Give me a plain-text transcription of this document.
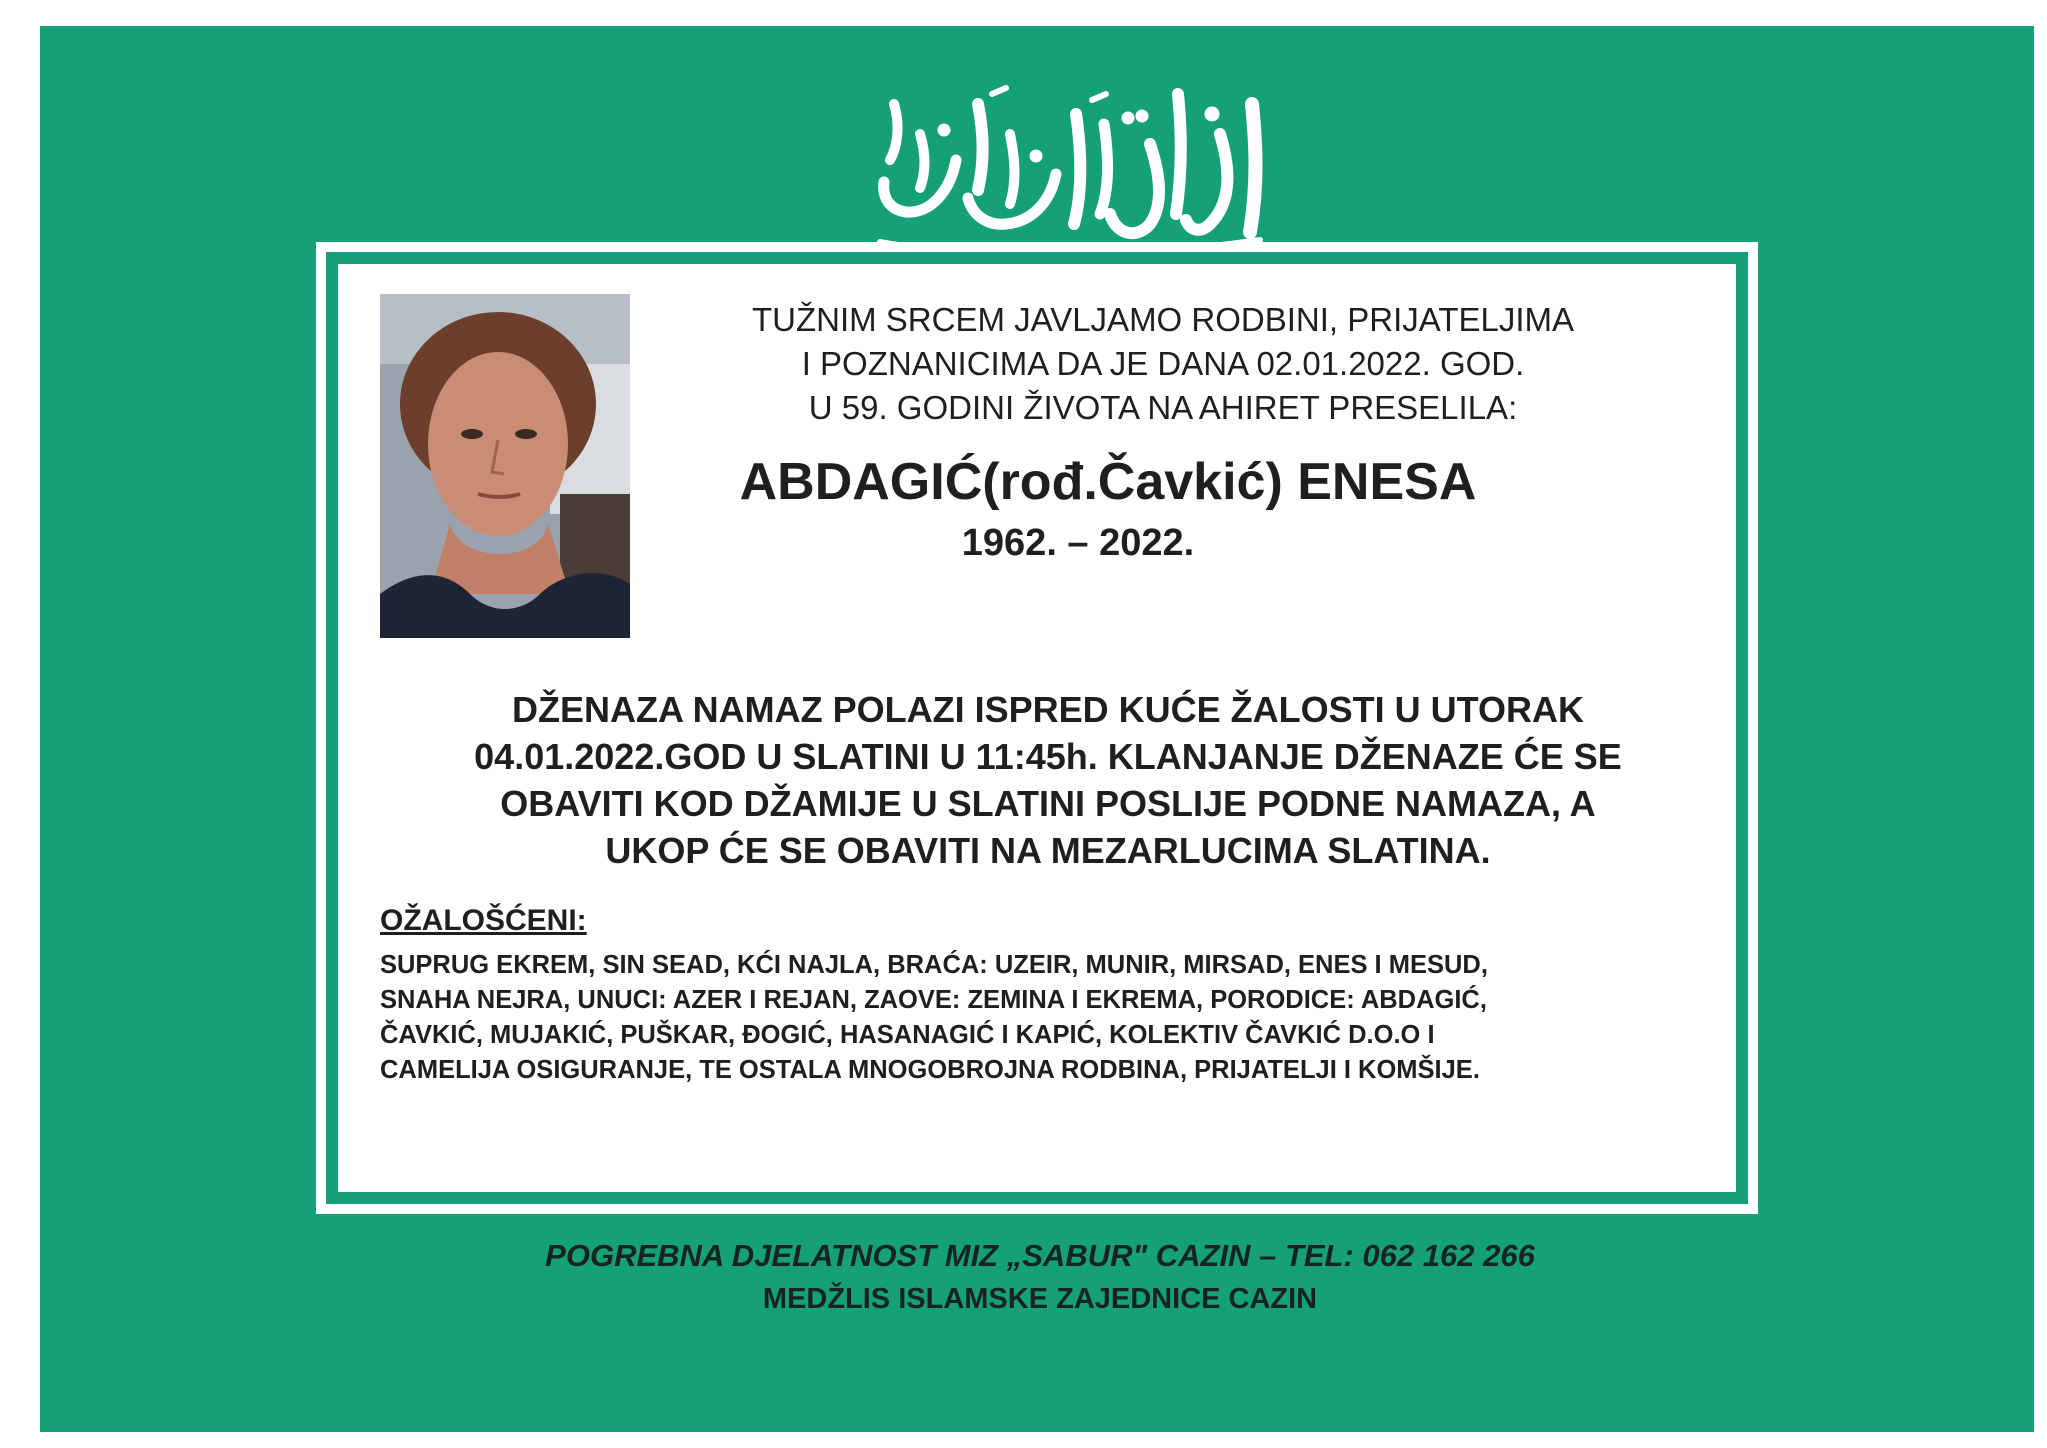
TUŽNIM SRCEM JAVLJAMO RODBINI, PRIJATELJIMA
I POZNANICIMA DA JE DANA 02.01.2022. GOD.
U 59. GODINI ŽIVOTA NA AHIRET PRESELILA:
ABDAGIĆ(rođ.Čavkić) ENESA
1962. – 2022.
DŽENAZA NAMAZ POLAZI ISPRED KUĆE ŽALOSTI U UTORAK
04.01.2022.GOD U SLATINI U 11:45h. KLANJANJE DŽENAZE ĆE SE
OBAVITI KOD DŽAMIJE U SLATINI POSLIJE PODNE NAMAZA, A
UKOP ĆE SE OBAVITI NA MEZARLUCIMA SLATINA.
OŽALOŠĆENI:
SUPRUG EKREM, SIN SEAD, KĆI NAJLA, BRAĆA: UZEIR, MUNIR, MIRSAD, ENES I MESUD,
SNAHA NEJRA, UNUCI: AZER I REJAN, ZAOVE: ZEMINA I EKREMA, PORODICE: ABDAGIĆ,
ČAVKIĆ, MUJAKIĆ, PUŠKAR, ĐOGIĆ, HASANAGIĆ I KAPIĆ, KOLEKTIV ČAVKIĆ D.O.O I
CAMELIJA OSIGURANJE, TE OSTALA MNOGOBROJNA RODBINA, PRIJATELJI I KOMŠIJE.
POGREBNA DJELATNOST MIZ „SABUR" CAZIN – TEL: 062 162 266
MEDŽLIS ISLAMSKE ZAJEDNICE CAZIN
